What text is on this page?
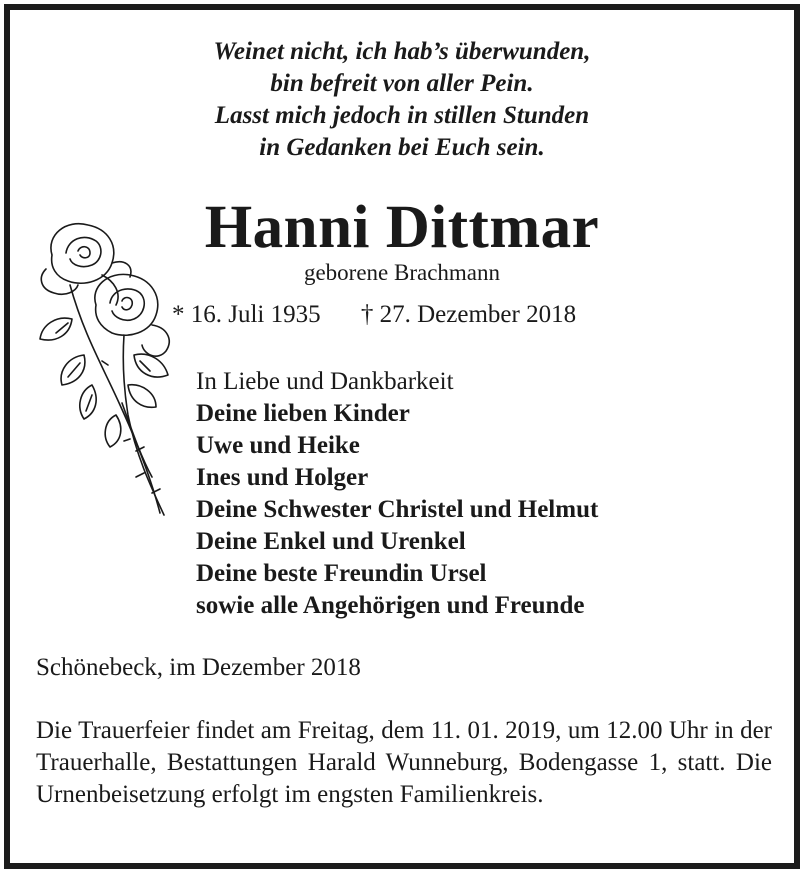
Weinet nicht, ich hab’s überwunden,
bin befreit von aller Pein.
Lasst mich jedoch in stillen Stunden
in Gedanken bei Euch sein.
Hanni Dittmar
geborene Brachmann
* 16. Juli 1935 † 27. Dezember 2018
In Liebe und Dankbarkeit
Deine lieben Kinder
Uwe und Heike
Ines und Holger
Deine Schwester Christel und Helmut
Deine Enkel und Urenkel
Deine beste Freundin Ursel
sowie alle Angehörigen und Freunde
Schönebeck, im Dezember 2018
Die Trauerfeier findet am Freitag, dem 11. 01. 2019, um 12.00 Uhr in der Trauerhalle, Bestattungen Harald Wunneburg, Bodengasse 1, statt. Die Urnenbeisetzung erfolgt im engsten Familienkreis.
